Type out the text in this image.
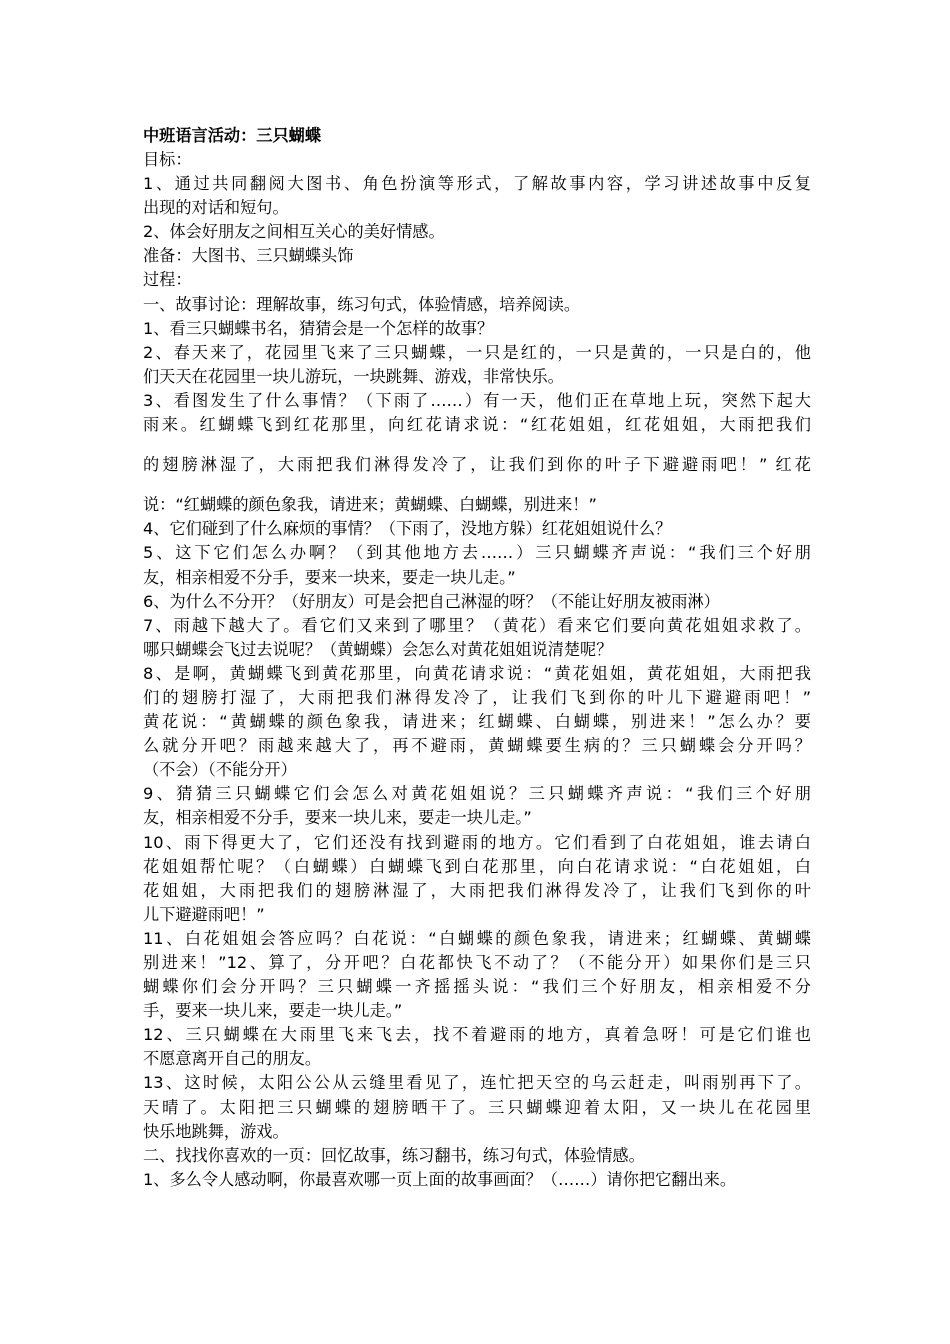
中班语言活动：三只蝴蝶
目标：
1、通过共同翻阅大图书、角色扮演等形式，了解故事内容，学习讲述故事中反复
出现的对话和短句。
2、体会好朋友之间相互关心的美好情感。
准备：大图书、三只蝴蝶头饰
过程：
一、故事讨论：理解故事，练习句式，体验情感，培养阅读。
1、看三只蝴蝶书名，猜猜会是一个怎样的故事？
2、春天来了，花园里飞来了三只蝴蝶，一只是红的，一只是黄的，一只是白的，他
们天天在花园里一块儿游玩，一块跳舞、游戏，非常快乐。
3、看图发生了什么事情？（下雨了……）有一天，他们正在草地上玩，突然下起大
雨来。红蝴蝶飞到红花那里，向红花请求说：“红花姐姐，红花姐姐，大雨把我们
的翅膀淋湿了，大雨把我们淋得发冷了，让我们到你的叶子下避避雨吧！” 红花
说：“红蝴蝶的颜色象我，请进来；黄蝴蝶、白蝴蝶，别进来！”
4、它们碰到了什么麻烦的事情？（下雨了，没地方躲）红花姐姐说什么？
5、这下它们怎么办啊？（到其他地方去……）三只蝴蝶齐声说：“我们三个好朋
友，相亲相爱不分手，要来一块来，要走一块儿走。”
6、为什么不分开？（好朋友）可是会把自己淋湿的呀？（不能让好朋友被雨淋）
7、雨越下越大了。看它们又来到了哪里？（黄花）看来它们要向黄花姐姐求救了。
哪只蝴蝶会飞过去说呢？（黄蝴蝶）会怎么对黄花姐姐说清楚呢？
8、是啊，黄蝴蝶飞到黄花那里，向黄花请求说：“黄花姐姐，黄花姐姐，大雨把我
们的翅膀打湿了，大雨把我们淋得发冷了，让我们飞到你的叶儿下避避雨吧！”
黄花说：“黄蝴蝶的颜色象我，请进来；红蝴蝶、白蝴蝶，别进来！”怎么办？要
么就分开吧？雨越来越大了，再不避雨，黄蝴蝶要生病的？三只蝴蝶会分开吗？
（不会）（不能分开）
9、猜猜三只蝴蝶它们会怎么对黄花姐姐说？三只蝴蝶齐声说：“我们三个好朋
友，相亲相爱不分手，要来一块儿来，要走一块儿走。”
10、雨下得更大了，它们还没有找到避雨的地方。它们看到了白花姐姐，谁去请白
花姐姐帮忙呢？（白蝴蝶）白蝴蝶飞到白花那里，向白花请求说：“白花姐姐，白
花姐姐，大雨把我们的翅膀淋湿了，大雨把我们淋得发冷了，让我们飞到你的叶
儿下避避雨吧！”
11、白花姐姐会答应吗？白花说：“白蝴蝶的颜色象我，请进来；红蝴蝶、黄蝴蝶
别进来！”12、算了，分开吧？白花都快飞不动了？（不能分开）如果你们是三只
蝴蝶你们会分开吗？三只蝴蝶一齐摇摇头说：“我们三个好朋友，相亲相爱不分
手，要来一块儿来，要走一块儿走。”
12、三只蝴蝶在大雨里飞来飞去，找不着避雨的地方，真着急呀！可是它们谁也
不愿意离开自己的朋友。
13、这时候，太阳公公从云缝里看见了，连忙把天空的乌云赶走，叫雨别再下了。
天晴了。太阳把三只蝴蝶的翅膀晒干了。三只蝴蝶迎着太阳，又一块儿在花园里
快乐地跳舞，游戏。
二、找找你喜欢的一页：回忆故事，练习翻书，练习句式，体验情感。
1、多么令人感动啊，你最喜欢哪一页上面的故事画面？（……）请你把它翻出来。
